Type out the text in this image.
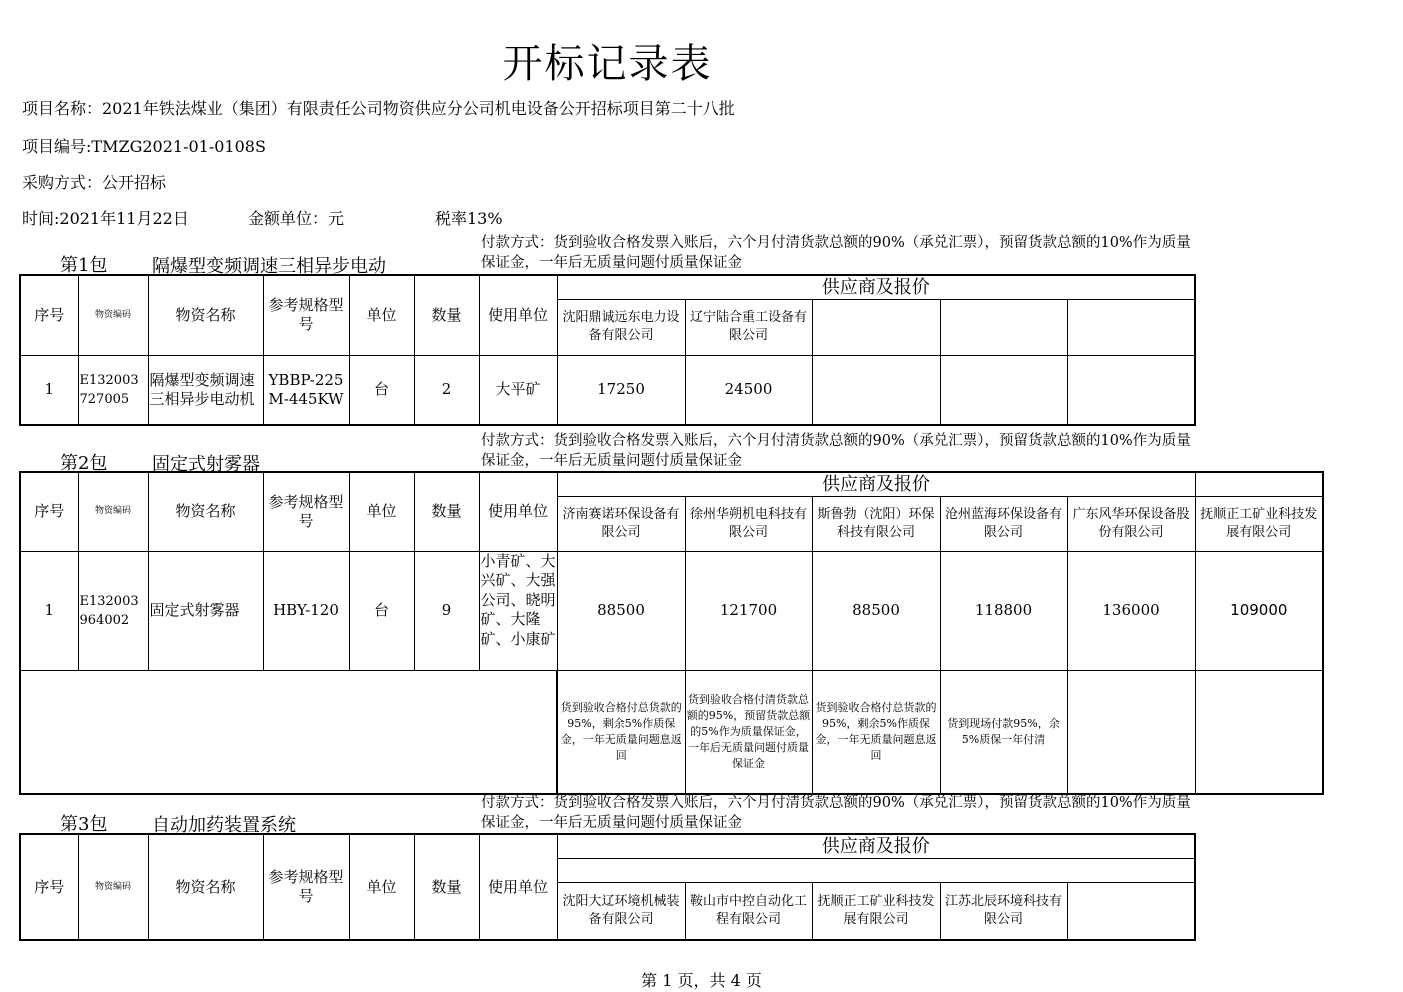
开标记录表
项目名称：2021年铁法煤业（集团）有限责任公司物资供应分公司机电设备公开招标项目第二十八批
项目编号:TMZG2021-01-0108S
采购方式：公开招标
时间:2021年11月22日	金额单位：元	税率13%
第1包 隔爆型变频调速三相异步电动
付款方式：货到验收合格发票入账后，六个月付清货款总额的90%（承兑汇票），预留货款总额的10%作为质量保证金，一年后无质量问题付质量保证金
序号	物资编码	物资名称	参考规格型号	单位	数量	使用单位	供应商及报价				
							沈阳鼎诚远东电力设备有限公司	辽宁陆合重工设备有限公司			
1	E132003727005	隔爆型变频调速三相异步电动机	YBBP-225M-445KW	台	2	大平矿	17250	24500			
第2包 固定式射雾器
付款方式：货到验收合格发票入账后，六个月付清货款总额的90%（承兑汇票），预留货款总额的10%作为质量保证金，一年后无质量问题付质量保证金
序号	物资编码	物资名称	参考规格型号	单位	数量	使用单位	供应商及报价					
							济南赛诺环保设备有限公司	徐州华朔机电科技有限公司	斯鲁勃（沈阳）环保科技有限公司	沧州蓝海环保设备有限公司	广东风华环保设备股份有限公司	抚顺正工矿业科技发展有限公司
1	E132003964002	固定式射雾器	HBY-120	台	9	小青矿、大兴矿、大强公司、晓明矿、大隆矿、小康矿	88500	121700	88500	118800	136000	109000
							货到验收合格付总货款的95%，剩余5%作质保金，一年无质量问题息返回	货到验收合格付清货款总额的95%，预留货款总额的5%作为质量保证金，一年后无质量问题付质量保证金	货到验收合格付总货款的95%，剩余5%作质保金，一年无质量问题息返回	货到现场付款95%，余5%质保一年付清		
第3包 自动加药装置系统
付款方式：货到验收合格发票入账后，六个月付清货款总额的90%（承兑汇票），预留货款总额的10%作为质量保证金，一年后无质量问题付质量保证金
序号	物资编码	物资名称	参考规格型号	单位	数量	使用单位	供应商及报价				

							沈阳大辽环境机械装备有限公司	鞍山市中控自动化工程有限公司	抚顺正工矿业科技发展有限公司	江苏北辰环境科技有限公司	
第 1 页，共 4 页
